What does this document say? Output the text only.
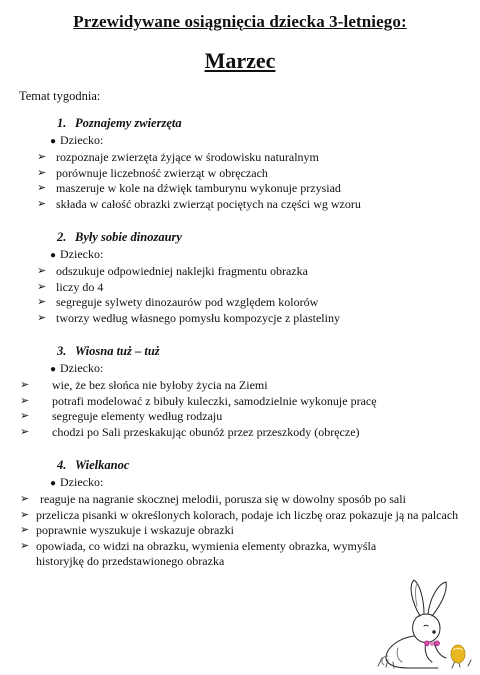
Przewidywane osiągnięcia dziecka 3-letniego:
Marzec
Temat tygodnia:
1. Poznajemy zwierzęta
● Dziecko:
➢ rozpoznaje zwierzęta żyjące w środowisku naturalnym
➢ porównuje liczebność zwierząt w obręczach
➢ maszeruje w kole na dźwięk tamburynu wykonuje przysiad
➢ składa w całość obrazki zwierząt pociętych na części wg wzoru
2. Były sobie dinozaury
● Dziecko:
➢ odszukuje odpowiedniej naklejki fragmentu obrazka
➢ liczy do 4
➢ segreguje sylwety dinozaurów pod względem kolorów
➢ tworzy według własnego pomysłu kompozycje z plasteliny
3. Wiosna tuż – tuż
● Dziecko:
➢ wie, że bez słońca nie byłoby życia na Ziemi
➢ potrafi modelować z bibuły kuleczki, samodzielnie wykonuje pracę
➢ segreguje elementy według rodzaju
➢ chodzi po Sali przeskakując obunóż przez przeszkody (obręcze)
4. Wielkanoc
● Dziecko:
➢ reaguje na nagranie skocznej melodii, porusza się w dowolny sposób po sali
➢ przelicza pisanki w określonych kolorach, podaje ich liczbę oraz pokazuje ją na palcach
➢ poprawnie wyszukuje i wskazuje obrazki
➢ opowiada, co widzi na obrazku, wymienia elementy obrazka, wymyśla historyjkę do przedstawionego obrazka
